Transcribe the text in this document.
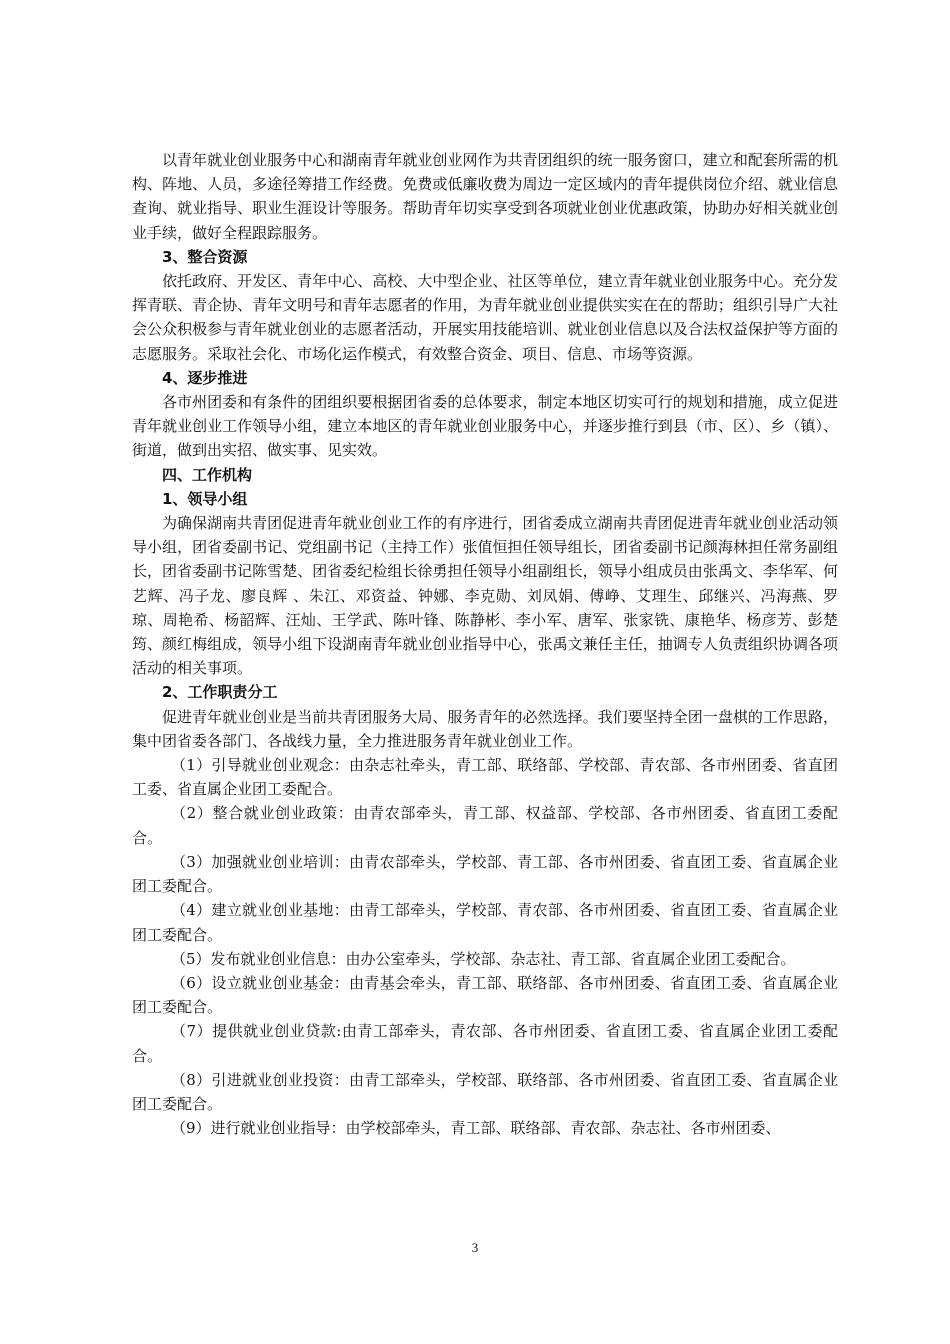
以青年就业创业服务中心和湖南青年就业创业网作为共青团组织的统一服务窗口，建立和配套所需的机构、阵地、人员，多途径筹措工作经费。免费或低廉收费为周边一定区域内的青年提供岗位介绍、就业信息查询、就业指导、职业生涯设计等服务。帮助青年切实享受到各项就业创业优惠政策，协助办好相关就业创业手续，做好全程跟踪服务。

3、整合资源

依托政府、开发区、青年中心、高校、大中型企业、社区等单位，建立青年就业创业服务中心。充分发挥青联、青企协、青年文明号和青年志愿者的作用，为青年就业创业提供实实在在的帮助；组织引导广大社会公众积极参与青年就业创业的志愿者活动，开展实用技能培训、就业创业信息以及合法权益保护等方面的志愿服务。采取社会化、市场化运作模式，有效整合资金、项目、信息、市场等资源。

4、逐步推进

各市州团委和有条件的团组织要根据团省委的总体要求，制定本地区切实可行的规划和措施，成立促进青年就业创业工作领导小组，建立本地区的青年就业创业服务中心，并逐步推行到县（市、区）、乡（镇）、街道，做到出实招、做实事、见实效。

四、工作机构

1、领导小组

为确保湖南共青团促进青年就业创业工作的有序进行，团省委成立湖南共青团促进青年就业创业活动领导小组，团省委副书记、党组副书记（主持工作）张值恒担任领导组长，团省委副书记颜海林担任常务副组长，团省委副书记陈雪楚、团省委纪检组长徐勇担任领导小组副组长，领导小组成员由张禹文、李华军、何艺辉、冯子龙、廖良辉 、朱江、邓资益、钟娜、李克勋、刘凤娟、傅峥、艾理生、邱继兴、冯海燕、罗琼、周艳希、杨韶辉、汪灿、王学武、陈叶锋、陈静彬、李小军、唐军、张家铣、康艳华、杨彦芳、彭楚筠、颜红梅组成，领导小组下设湖南青年就业创业指导中心，张禹文兼任主任，抽调专人负责组织协调各项活动的相关事项。

2、工作职责分工

促进青年就业创业是当前共青团服务大局、服务青年的必然选择。我们要坚持全团一盘棋的工作思路，集中团省委各部门、各战线力量，全力推进服务青年就业创业工作。

（1）引导就业创业观念：由杂志社牵头，青工部、联络部、学校部、青农部、各市州团委、省直团工委、省直属企业团工委配合。

（2）整合就业创业政策：由青农部牵头，青工部、权益部、学校部、各市州团委、省直团工委配合。

（3）加强就业创业培训：由青农部牵头，学校部、青工部、各市州团委、省直团工委、省直属企业团工委配合。

（4）建立就业创业基地：由青工部牵头，学校部、青农部、各市州团委、省直团工委、省直属企业团工委配合。

（5）发布就业创业信息：由办公室牵头，学校部、杂志社、青工部、省直属企业团工委配合。

（6）设立就业创业基金：由青基会牵头，青工部、联络部、各市州团委、省直团工委、省直属企业团工委配合。

（7）提供就业创业贷款:由青工部牵头，青农部、各市州团委、省直团工委、省直属企业团工委配合。

（8）引进就业创业投资：由青工部牵头，学校部、联络部、各市州团委、省直团工委、省直属企业团工委配合。

（9）进行就业创业指导：由学校部牵头，青工部、联络部、青农部、杂志社、各市州团委、

3
